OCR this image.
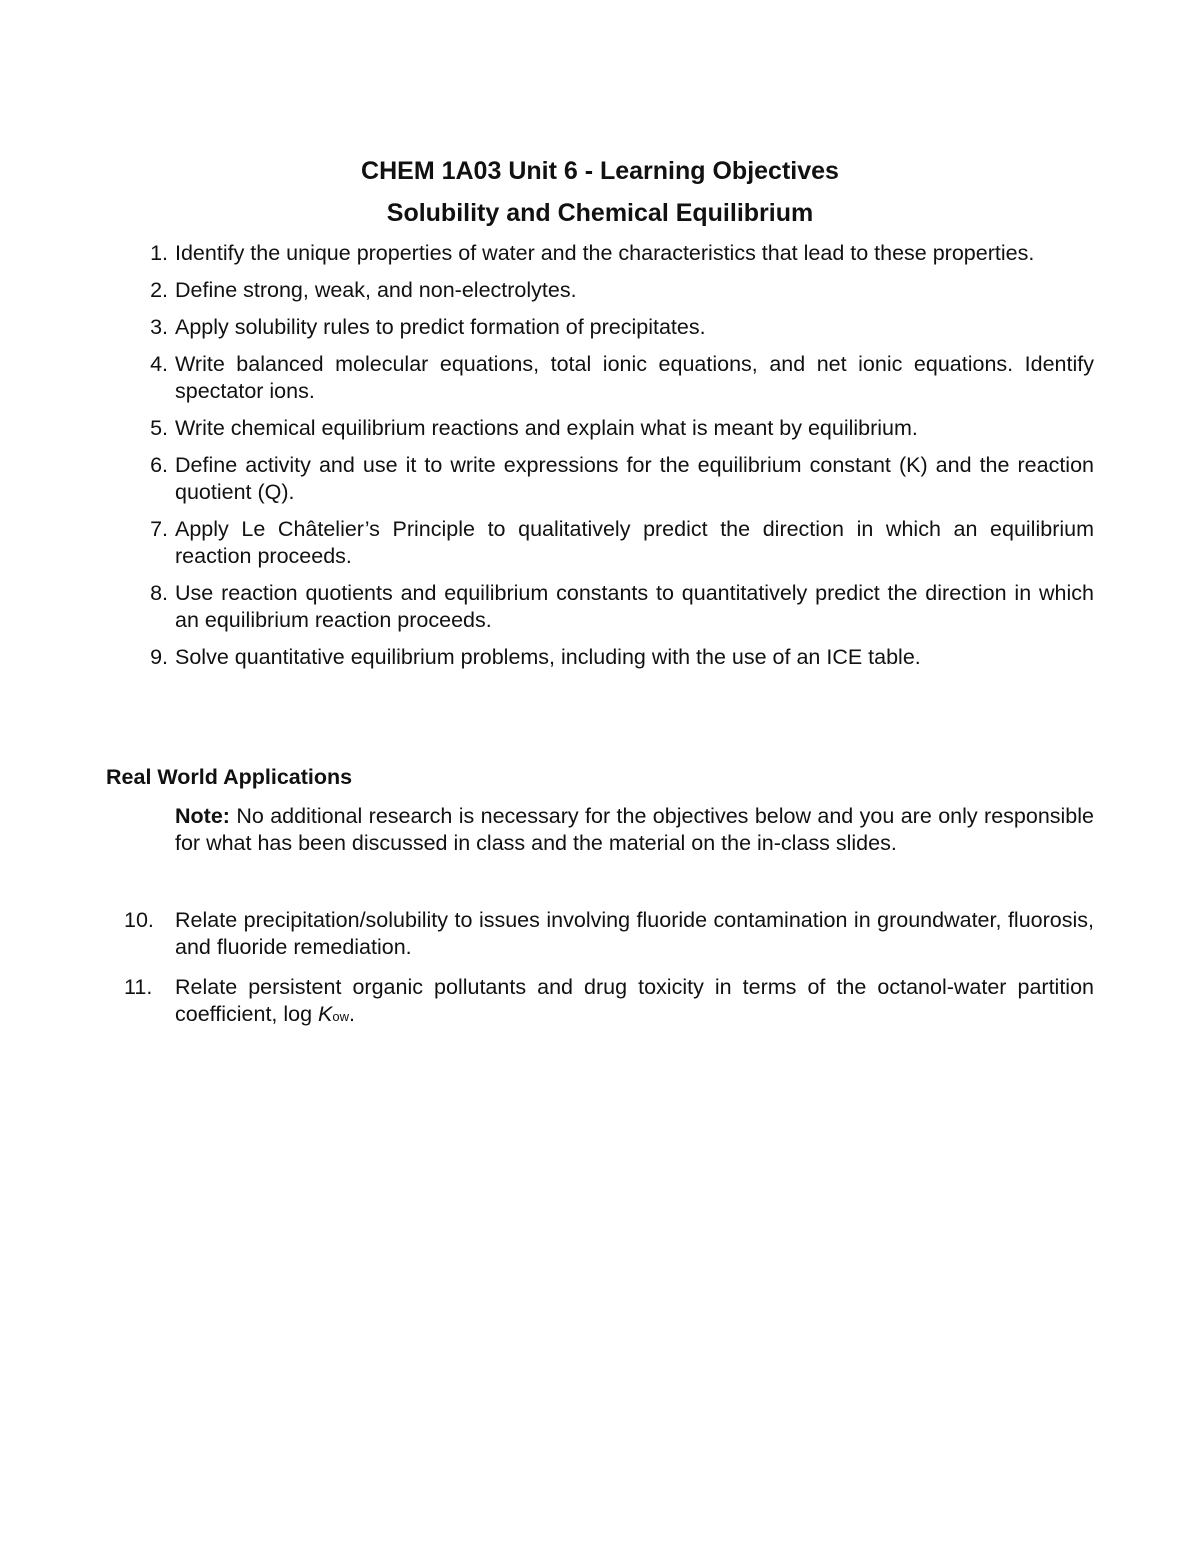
CHEM 1A03 Unit 6 - Learning Objectives
Solubility and Chemical Equilibrium
1. Identify the unique properties of water and the characteristics that lead to these properties.
2. Define strong, weak, and non-electrolytes.
3. Apply solubility rules to predict formation of precipitates.
4. Write balanced molecular equations, total ionic equations, and net ionic equations. Identify spectator ions.
5. Write chemical equilibrium reactions and explain what is meant by equilibrium.
6. Define activity and use it to write expressions for the equilibrium constant (K) and the reaction quotient (Q).
7. Apply Le Châtelier’s Principle to qualitatively predict the direction in which an equilibrium reaction proceeds.
8. Use reaction quotients and equilibrium constants to quantitatively predict the direction in which an equilibrium reaction proceeds.
9. Solve quantitative equilibrium problems, including with the use of an ICE table.
Real World Applications

Note: No additional research is necessary for the objectives below and you are only responsible for what has been discussed in class and the material on the in-class slides.

10. Relate precipitation/solubility to issues involving fluoride contamination in groundwater, fluorosis, and fluoride remediation.
11.	Relate persistent organic pollutants and drug toxicity in terms of the octanol-water partition coefficient, log Kow.
